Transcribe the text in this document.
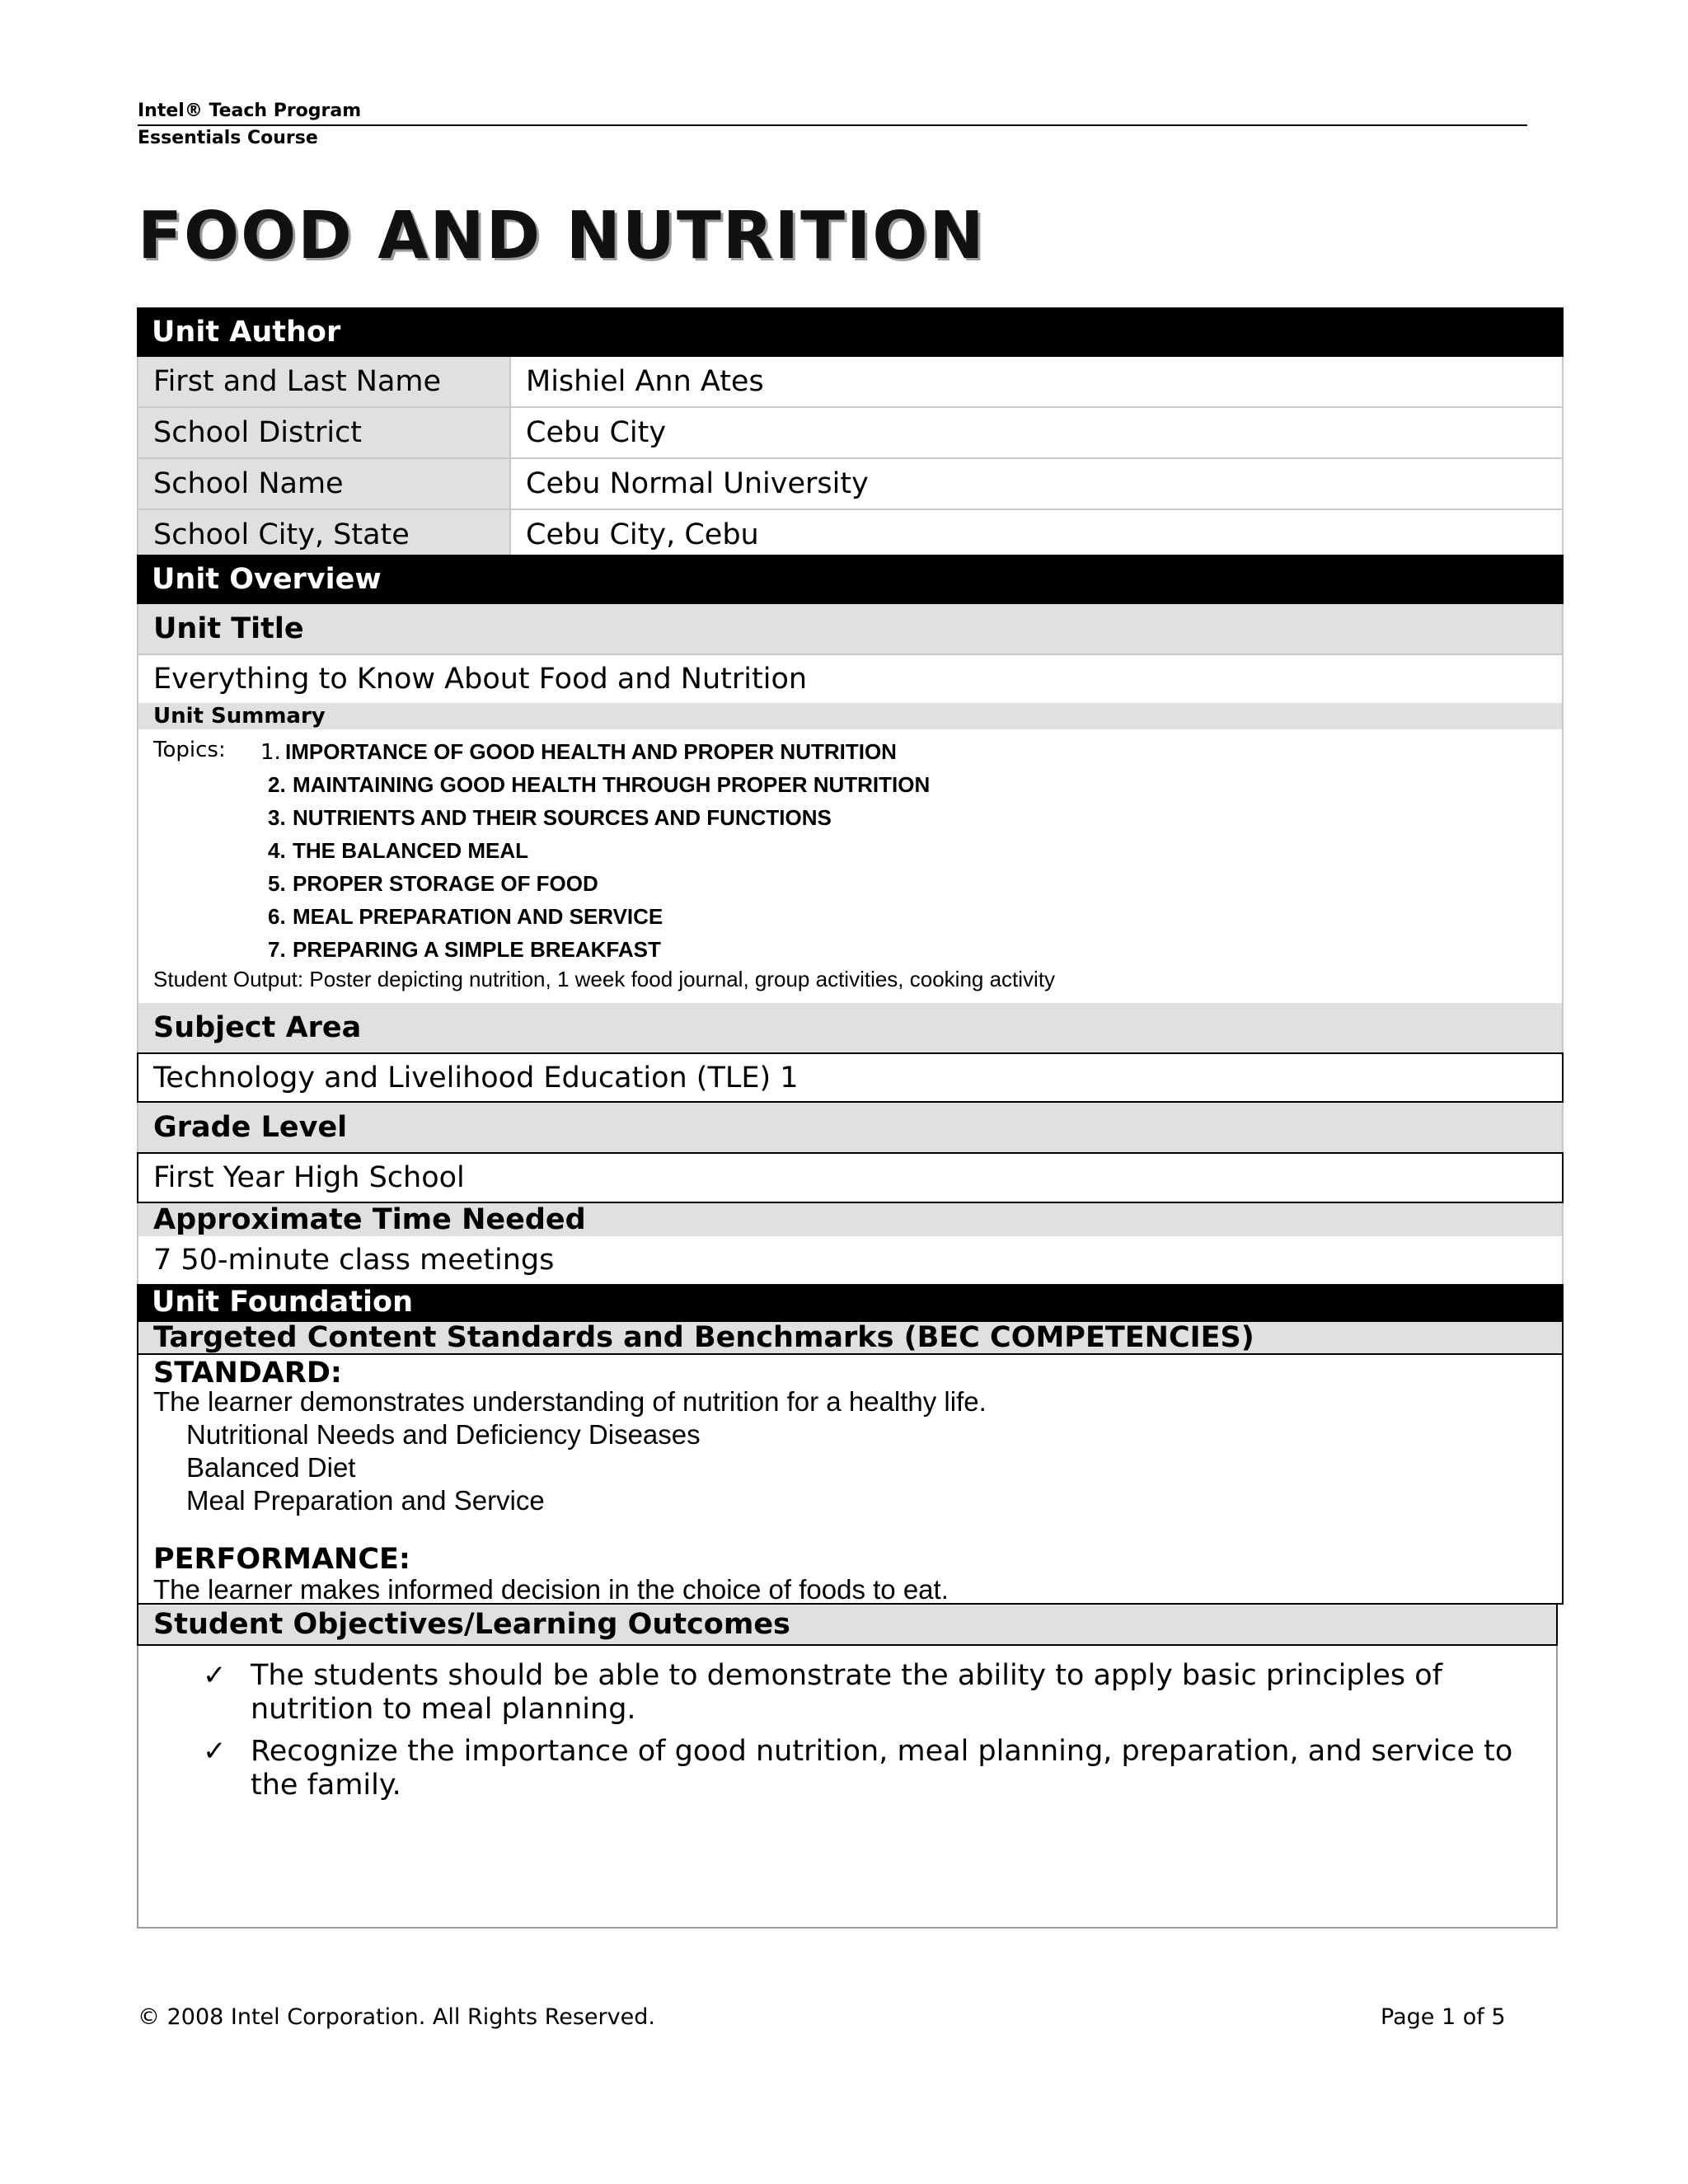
Intel® Teach Program
Essentials Course
FOOD AND NUTRITION
Unit Author
First and Last Name	Mishiel Ann Ates
School District	Cebu City
School Name	Cebu Normal University
School City, State	Cebu City, Cebu
Unit Overview
Unit Title
Everything to Know About Food and Nutrition
Unit Summary
Topics: 1. IMPORTANCE OF GOOD HEALTH AND PROPER NUTRITION
2. MAINTAINING GOOD HEALTH THROUGH PROPER NUTRITION
3. NUTRIENTS AND THEIR SOURCES AND FUNCTIONS
4. THE BALANCED MEAL
5. PROPER STORAGE OF FOOD
6. MEAL PREPARATION AND SERVICE
7. PREPARING A SIMPLE BREAKFAST
Student Output: Poster depicting nutrition, 1 week food journal, group activities, cooking activity
Subject Area
Technology and Livelihood Education (TLE) 1
Grade Level
First Year High School
Approximate Time Needed
7 50-minute class meetings
Unit Foundation
Targeted Content Standards and Benchmarks (BEC COMPETENCIES)
STANDARD:
The learner demonstrates understanding of nutrition for a healthy life.
Nutritional Needs and Deficiency Diseases
Balanced Diet
Meal Preparation and Service
PERFORMANCE:
The learner makes informed decision in the choice of foods to eat.
Student Objectives/Learning Outcomes
✓ The students should be able to demonstrate the ability to apply basic principles of nutrition to meal planning.
✓ Recognize the importance of good nutrition, meal planning, preparation, and service to the family.
© 2008 Intel Corporation. All Rights Reserved.	Page 1 of 5
